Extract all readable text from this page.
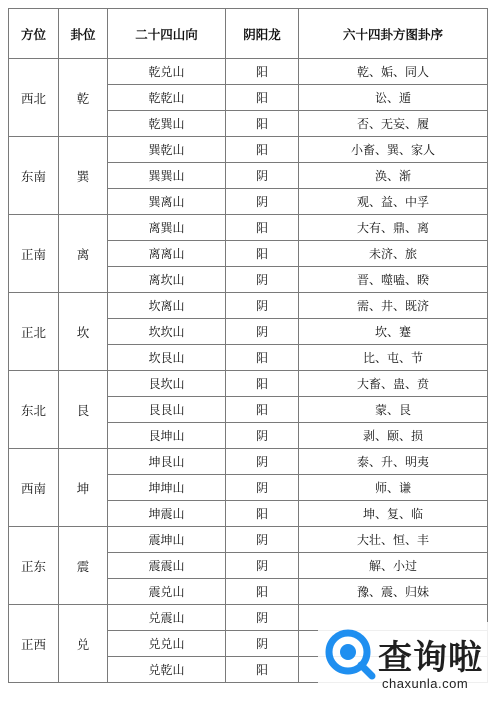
方位	卦位	二十四山向	阴阳龙	六十四卦方图卦序
西北	乾	乾兑山	阳	乾、姤、同人
		乾乾山	阳	讼、遁
		乾巽山	阳	否、无妄、履
东南	巽	巽乾山	阳	小畜、巽、家人
		巽巽山	阴	涣、渐
		巽离山	阴	观、益、中孚
正南	离	离巽山	阳	大有、鼎、离
		离离山	阳	未济、旅
		离坎山	阴	晋、噬嗑、睽
正北	坎	坎离山	阴	需、井、既济
		坎坎山	阴	坎、蹇
		坎艮山	阳	比、屯、节
东北	艮	艮坎山	阳	大畜、蛊、贲
		艮艮山	阳	蒙、艮
		艮坤山	阴	剥、颐、损
西南	坤	坤艮山	阴	泰、升、明夷
		坤坤山	阴	师、谦
		坤震山	阳	坤、复、临
正东	震	震坤山	阴	大壮、恒、丰
		震震山	阴	解、小过
		震兑山	阳	豫、震、归妹
正西	兑	兑震山	阴	
		兑兑山	阴	
		兑乾山	阳		查询啦
chaxunla.com
